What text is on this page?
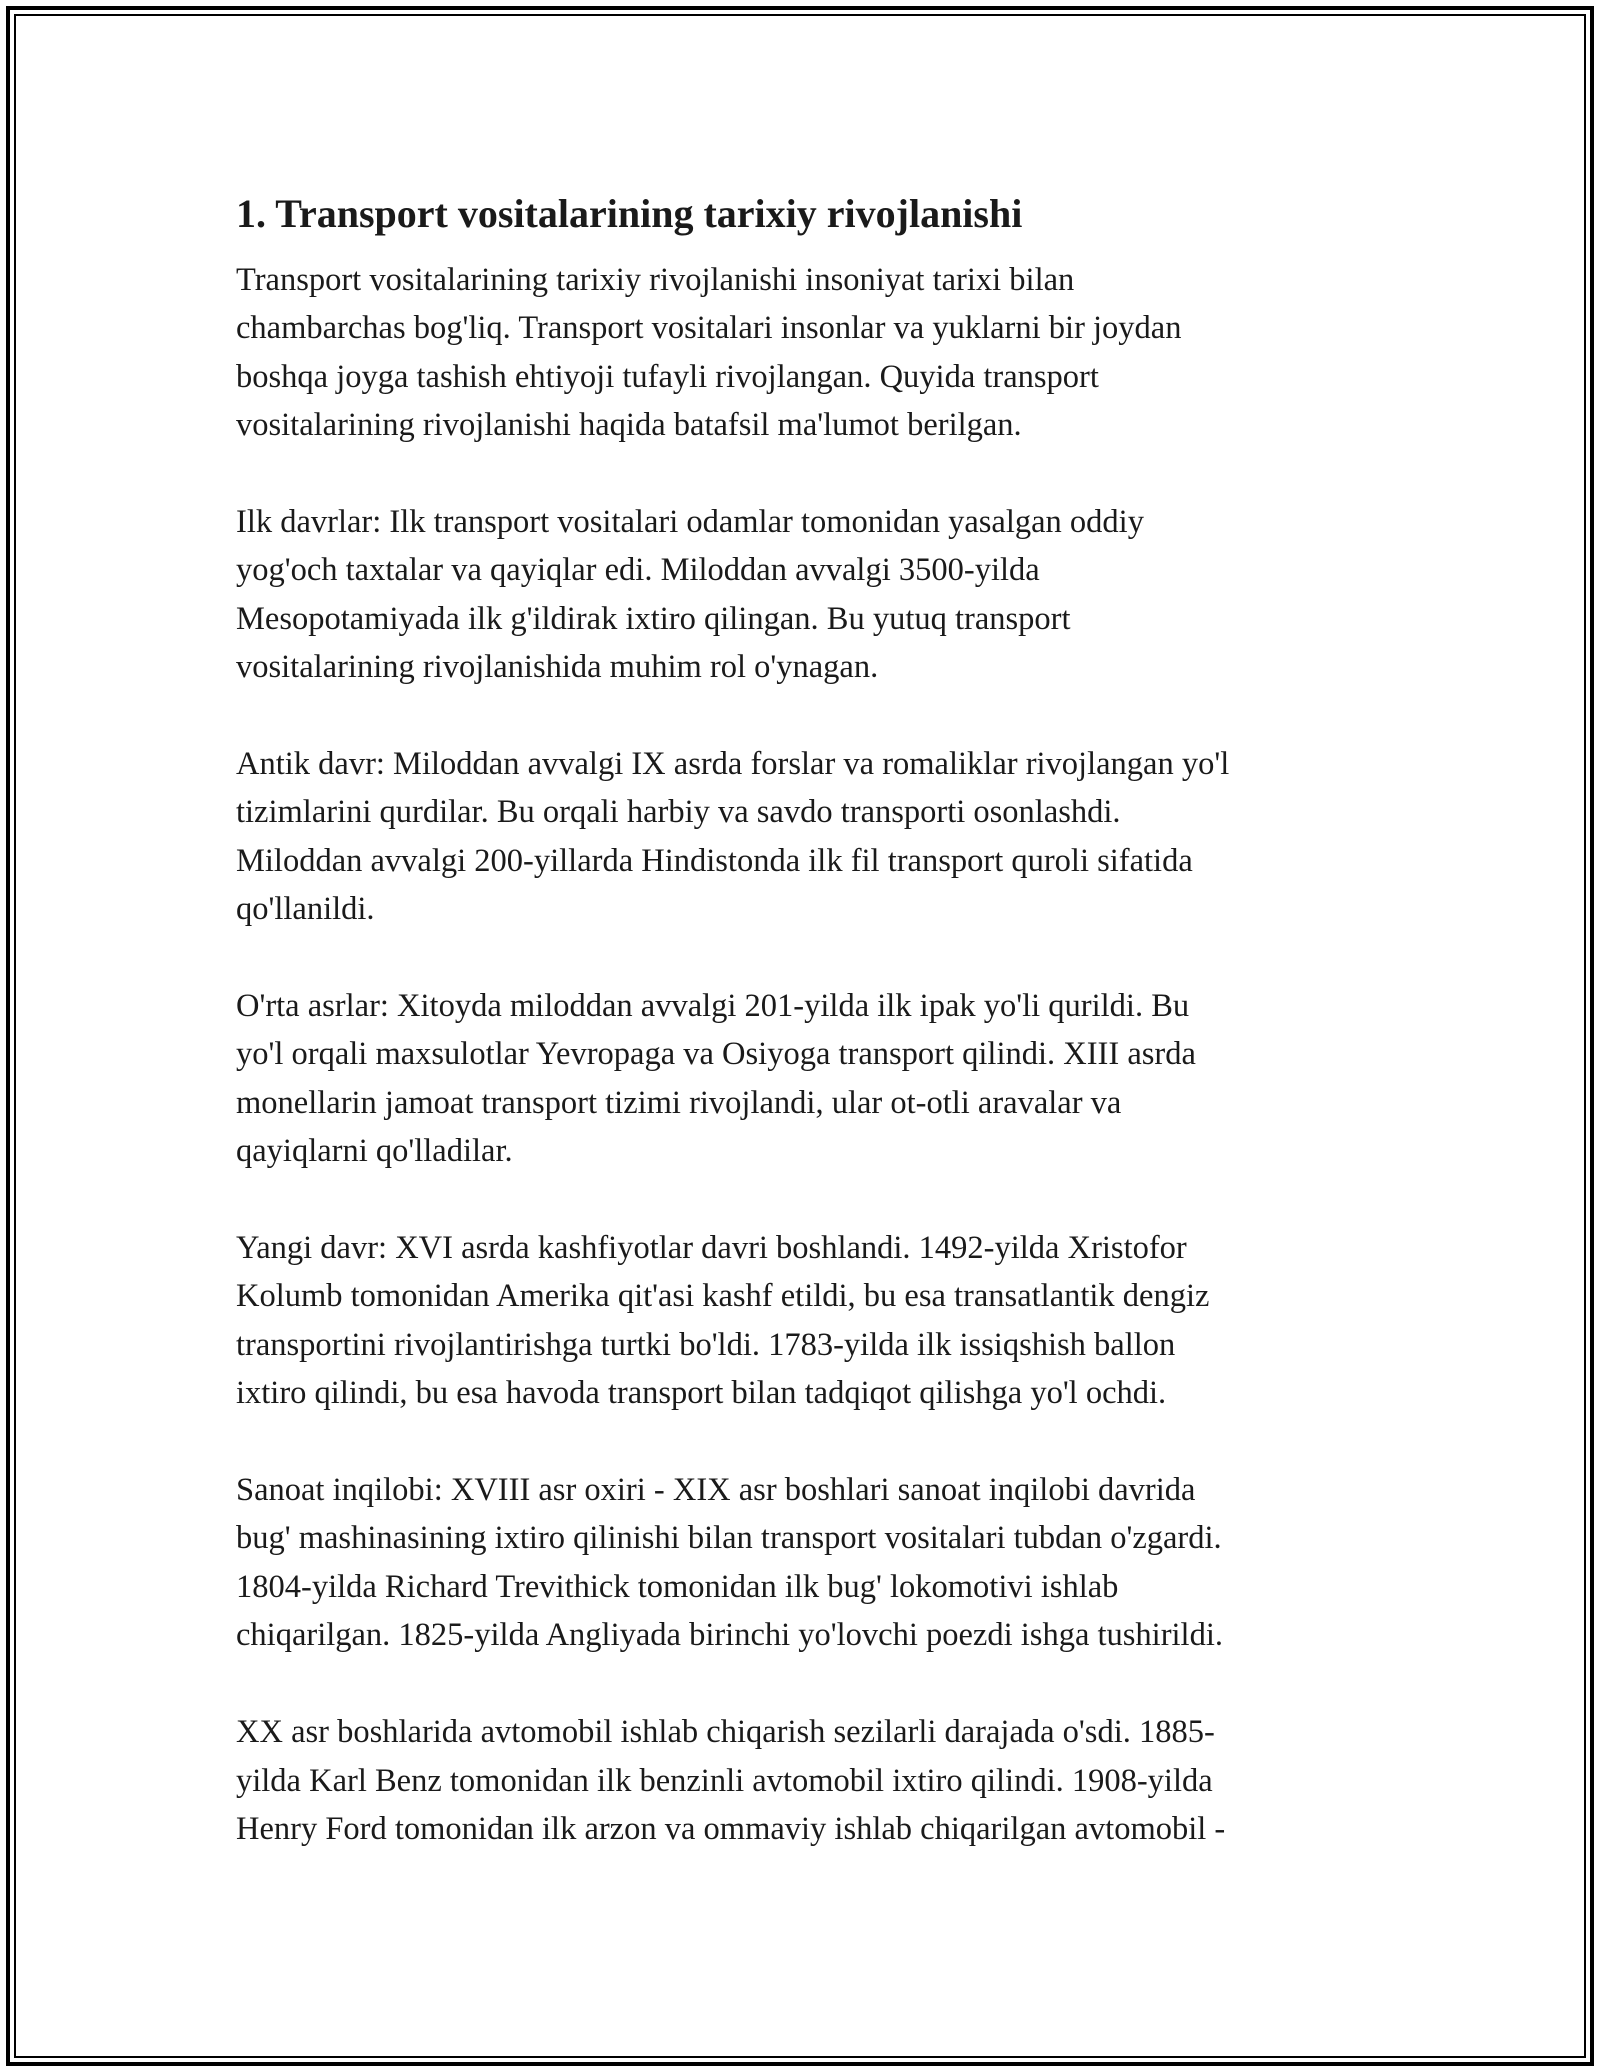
1. Transport vositalarining tarixiy rivojlanishi

Transport vositalarining tarixiy rivojlanishi insoniyat tarixi bilan
chambarchas bog'liq. Transport vositalari insonlar va yuklarni bir joydan
boshqa joyga tashish ehtiyoji tufayli rivojlangan. Quyida transport
vositalarining rivojlanishi haqida batafsil ma'lumot berilgan.

Ilk davrlar: Ilk transport vositalari odamlar tomonidan yasalgan oddiy
yog'och taxtalar va qayiqlar edi. Miloddan avvalgi 3500-yilda
Mesopotamiyada ilk g'ildirak ixtiro qilingan. Bu yutuq transport
vositalarining rivojlanishida muhim rol o'ynagan.

Antik davr: Miloddan avvalgi IX asrda forslar va romaliklar rivojlangan yo'l
tizimlarini qurdilar. Bu orqali harbiy va savdo transporti osonlashdi.
Miloddan avvalgi 200-yillarda Hindistonda ilk fil transport quroli sifatida
qo'llanildi.

O'rta asrlar: Xitoyda miloddan avvalgi 201-yilda ilk ipak yo'li qurildi. Bu
yo'l orqali maxsulotlar Yevropaga va Osiyoga transport qilindi. XIII asrda
monellarin jamoat transport tizimi rivojlandi, ular ot-otli aravalar va
qayiqlarni qo'lladilar.

Yangi davr: XVI asrda kashfiyotlar davri boshlandi. 1492-yilda Xristofor
Kolumb tomonidan Amerika qit'asi kashf etildi, bu esa transatlantik dengiz
transportini rivojlantirishga turtki bo'ldi. 1783-yilda ilk issiqshish ballon
ixtiro qilindi, bu esa havoda transport bilan tadqiqot qilishga yo'l ochdi.

Sanoat inqilobi: XVIII asr oxiri - XIX asr boshlari sanoat inqilobi davrida
bug' mashinasining ixtiro qilinishi bilan transport vositalari tubdan o'zgardi.
1804-yilda Richard Trevithick tomonidan ilk bug' lokomotivi ishlab
chiqarilgan. 1825-yilda Angliyada birinchi yo'lovchi poezdi ishga tushirildi.

XX asr boshlarida avtomobil ishlab chiqarish sezilarli darajada o'sdi. 1885-
yilda Karl Benz tomonidan ilk benzinli avtomobil ixtiro qilindi. 1908-yilda
Henry Ford tomonidan ilk arzon va ommaviy ishlab chiqarilgan avtomobil -
